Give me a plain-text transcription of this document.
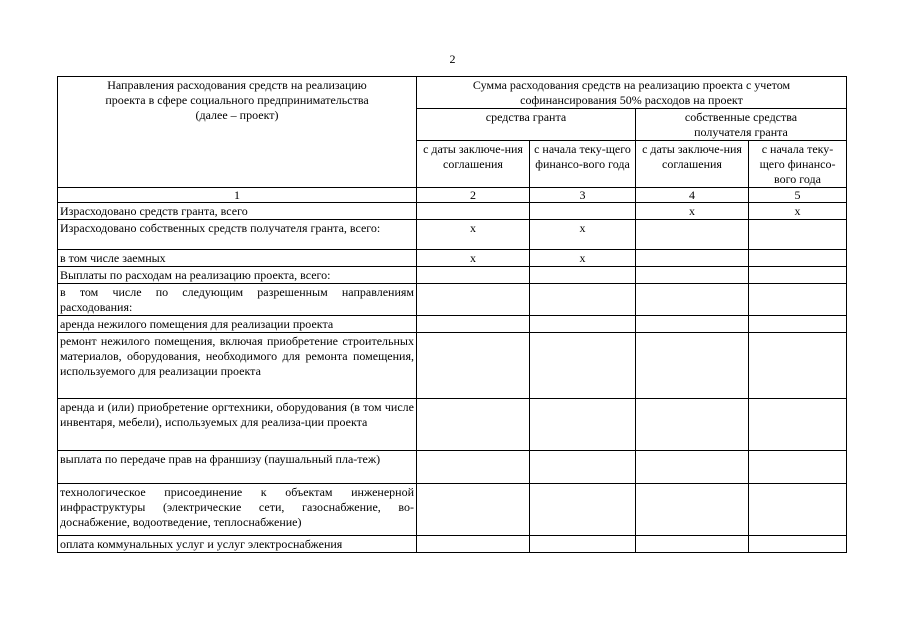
2
Направления расходования средств на реализацию проекта в сфере социального предпринимательства (далее – проект)	Сумма расходования средств на реализацию проекта с учетом софинансирования 50% расходов на проект			
	средства гранта		собственные средства получателя гранта	
	с даты заключе-ния соглашения	с начала теку-щего финансо-вого года	с даты заключе-ния соглашения	с начала теку-щего финансо-вого года
1	2	3	4	5
Израсходовано средств гранта, всего			x	x
Израсходовано собственных средств получателя гранта, всего:	x	x		
в том числе заемных	x	x		
Выплаты по расходам на реализацию проекта, всего:				
в том числе по следующим разрешенным направлениям расходования:				
аренда нежилого помещения для реализации проекта				
ремонт нежилого помещения, включая приобретение строительных материалов, оборудования, необходимого для ремонта помещения, используемого для реализации проекта				
аренда и (или) приобретение оргтехники, оборудования (в том числе инвентаря, мебели), используемых для реализа-ции проекта				
выплата по передаче прав на франшизу (паушальный пла-теж)				
технологическое присоединение к объектам инженерной инфраструктуры (электрические сети, газоснабжение, во-доснабжение, водоотведение, теплоснабжение)				
оплата коммунальных услуг и услуг электроснабжения				
